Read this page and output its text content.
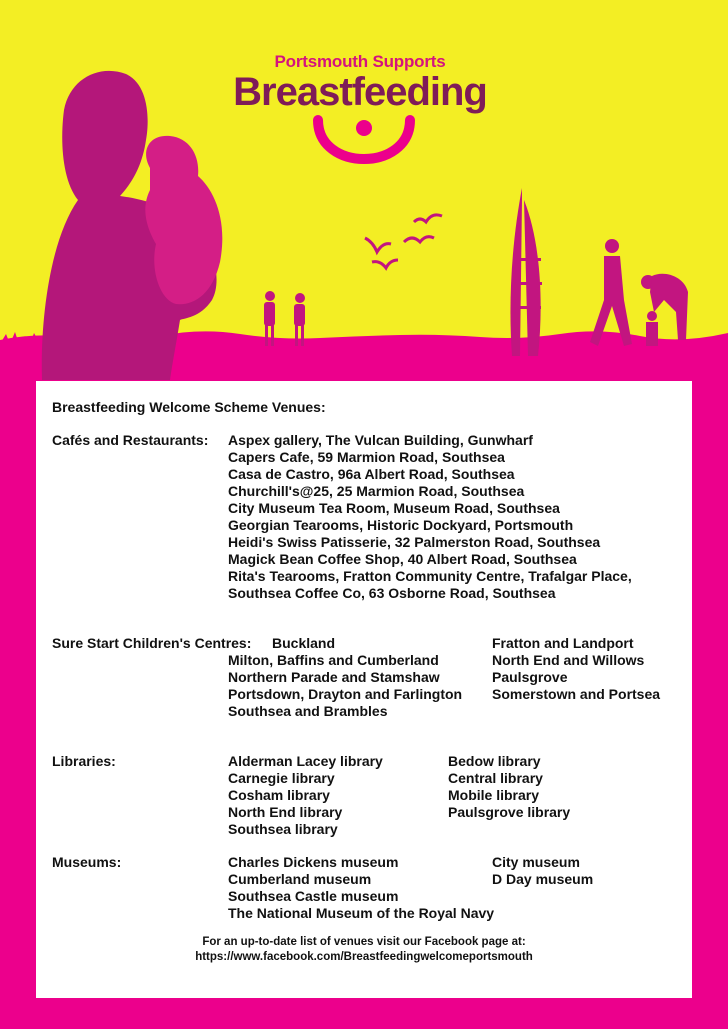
Portsmouth Supports
Breastfeeding
Breastfeeding Welcome Scheme Venues:
Cafés and Restaurants: Aspex gallery, The Vulcan Building, Gunwharf
Capers Cafe, 59 Marmion Road, Southsea
Casa de Castro, 96a Albert Road, Southsea
Churchill's@25, 25 Marmion Road, Southsea
City Museum Tea Room, Museum Road, Southsea
Georgian Tearooms, Historic Dockyard, Portsmouth
Heidi's Swiss Patisserie, 32 Palmerston Road, Southsea
Magick Bean Coffee Shop, 40 Albert Road, Southsea
Rita's Tearooms, Fratton Community Centre, Trafalgar Place,
Southsea Coffee Co, 63 Osborne Road, Southsea
Sure Start Children's Centres: Buckland
Milton, Baffins and Cumberland
Northern Parade and Stamshaw
Portsdown, Drayton and Farlington
Southsea and Brambles
Fratton and Landport
North End and Willows
Paulsgrove
Somerstown and Portsea
Libraries:	Alderman Lacey library
Carnegie library
Cosham library
North End library
Southsea library
Bedow library
Central library
Mobile library
Paulsgrove library
Museums:	Charles Dickens museum
Cumberland museum
Southsea Castle museum
The National Museum of the Royal Navy
City museum
D Day museum
For an up-to-date list of venues visit our Facebook page at:
https://www.facebook.com/Breastfeedingwelcomeportsmouth
